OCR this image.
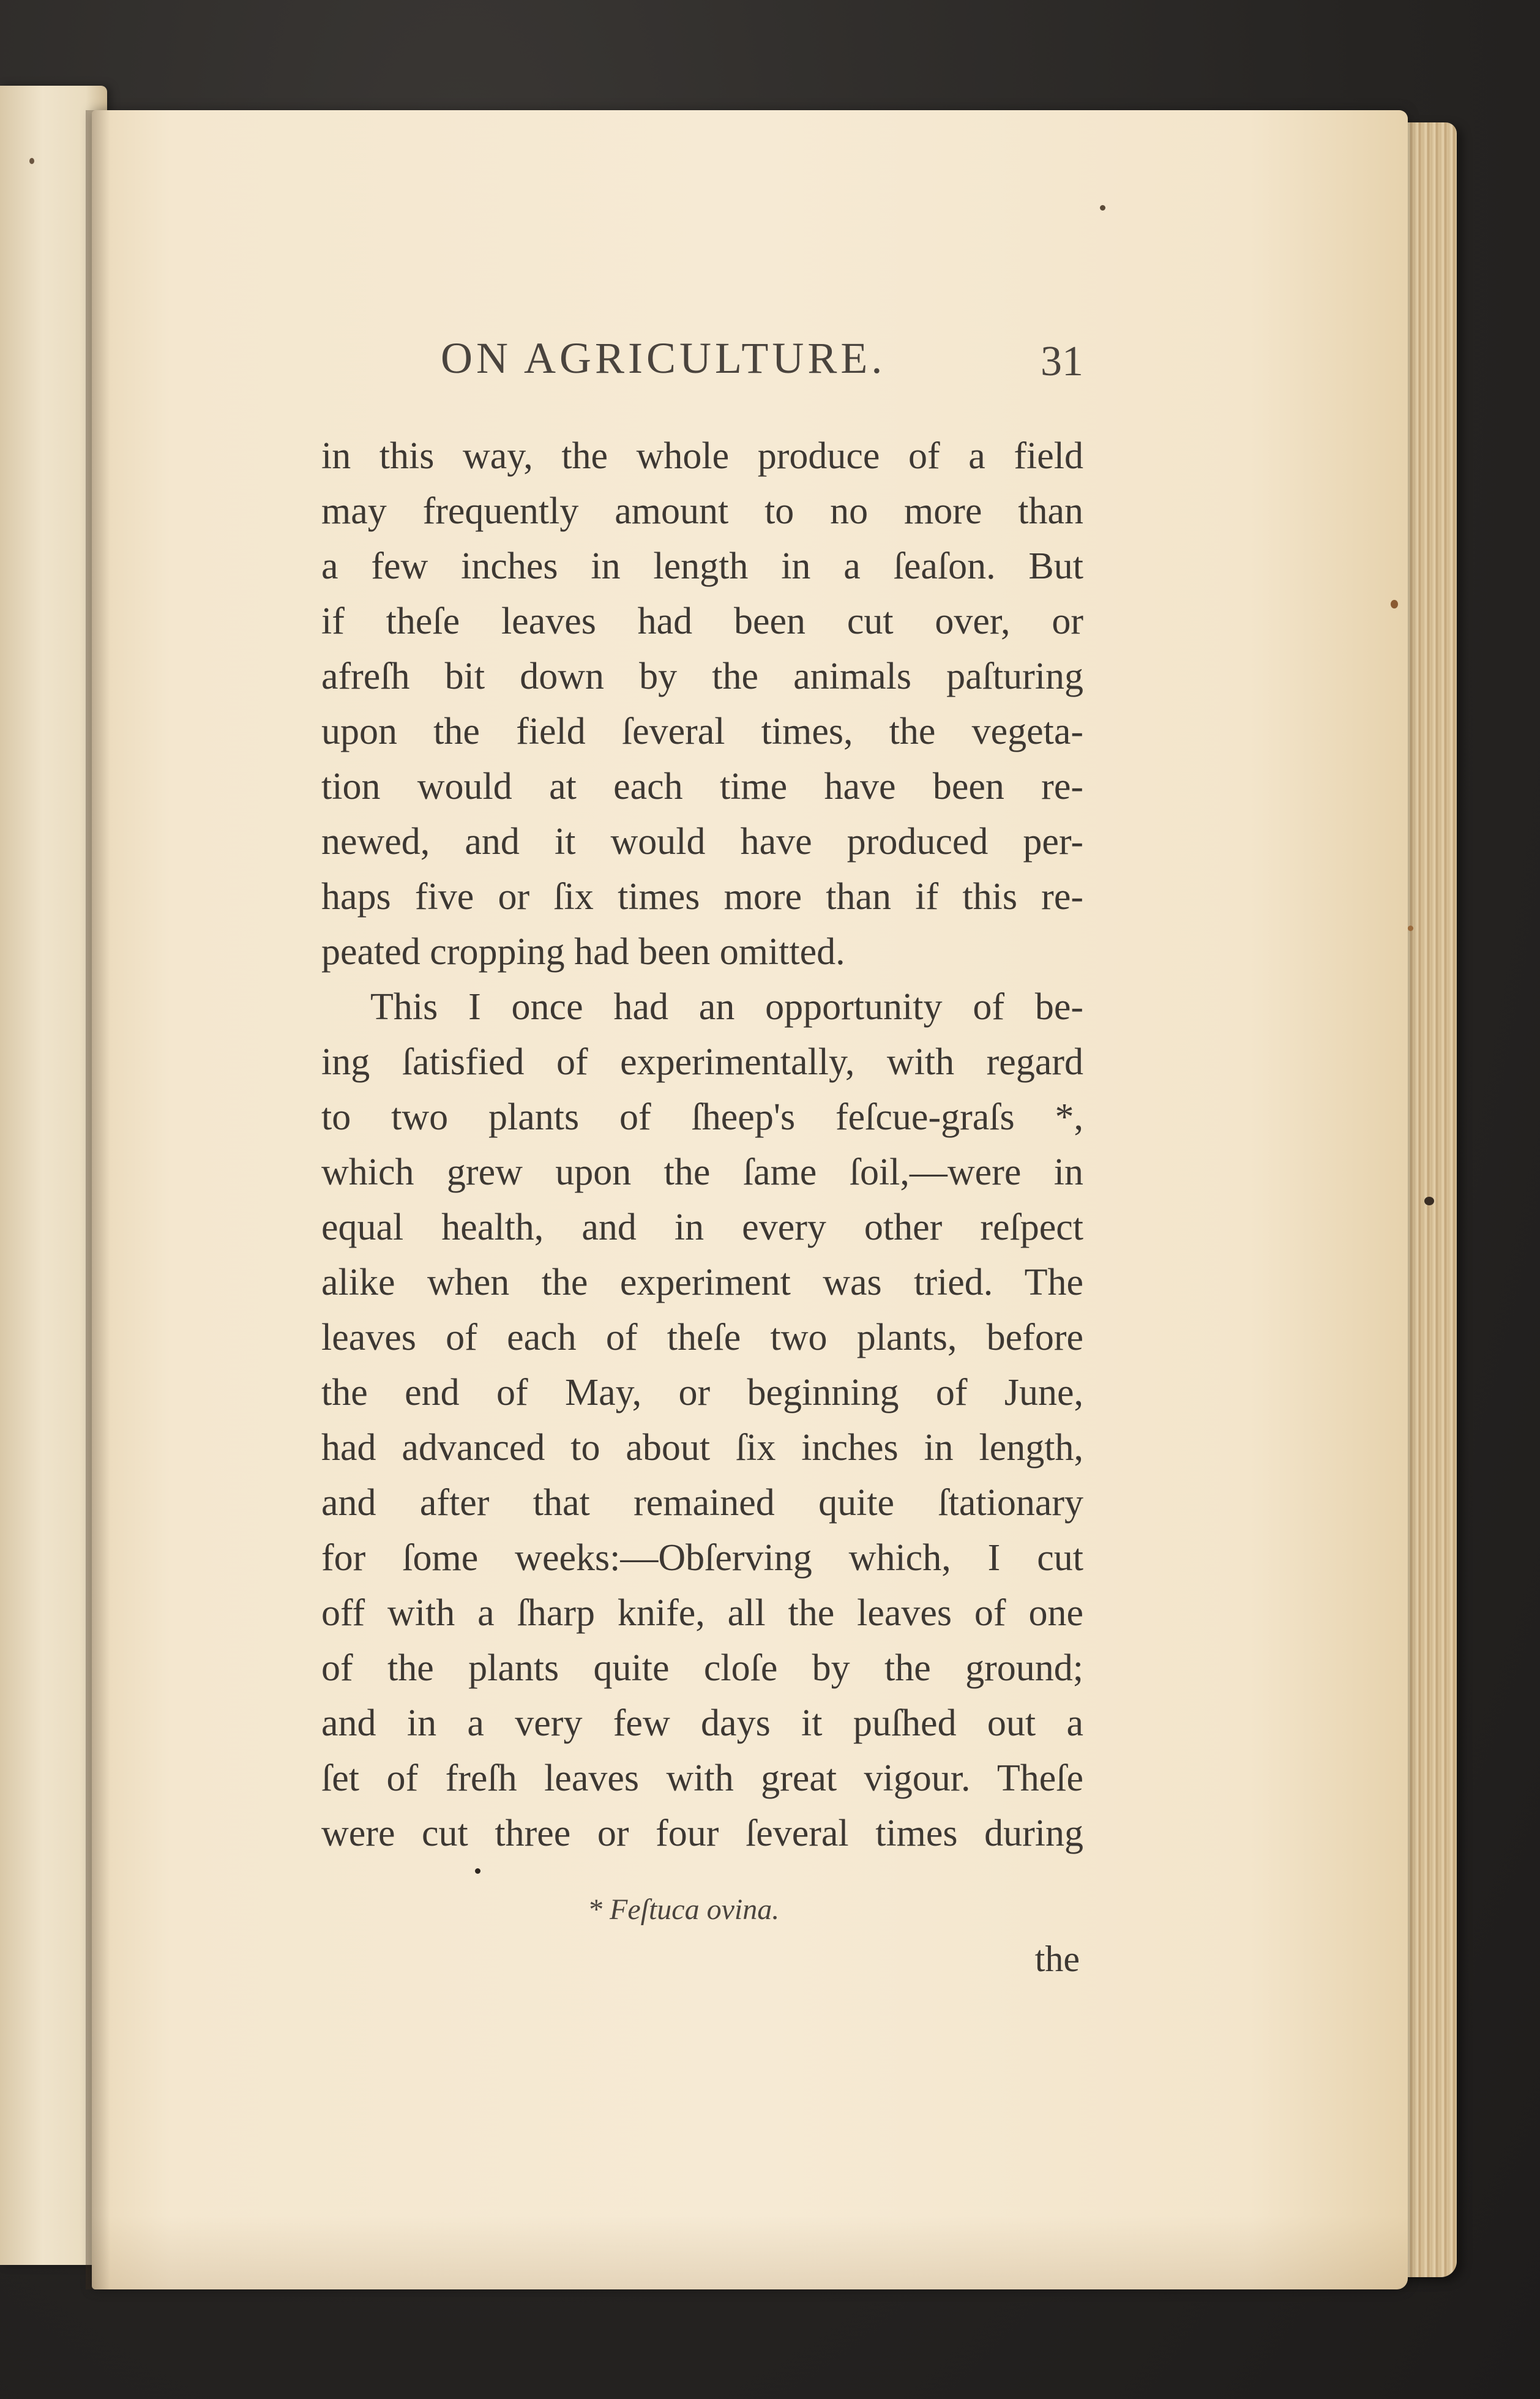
ON AGRICULTURE.	31
in this way, the whole produce of a field
may frequently amount to no more than
a few inches in length in a ſeaſon. But
if theſe leaves had been cut over, or
afreſh bit down by the animals paſturing
upon the field ſeveral times, the vegeta-
tion would at each time have been re-
newed, and it would have produced per-
haps five or ſix times more than if this re-
peated cropping had been omitted.
This I once had an opportunity of be-
ing ſatisfied of experimentally, with regard
to two plants of ſheep's feſcue-graſs *,
which grew upon the ſame ſoil,—were in
equal health, and in every other reſpect
alike when the experiment was tried. The
leaves of each of theſe two plants, before
the end of May, or beginning of June,
had advanced to about ſix inches in length,
and after that remained quite ſtationary
for ſome weeks:—Obſerving which, I cut
off with a ſharp knife, all the leaves of one
of the plants quite cloſe by the ground;
and in a very few days it puſhed out a
ſet of freſh leaves with great vigour. Theſe
were cut three or four ſeveral times during
* Feſtuca ovina.
the
